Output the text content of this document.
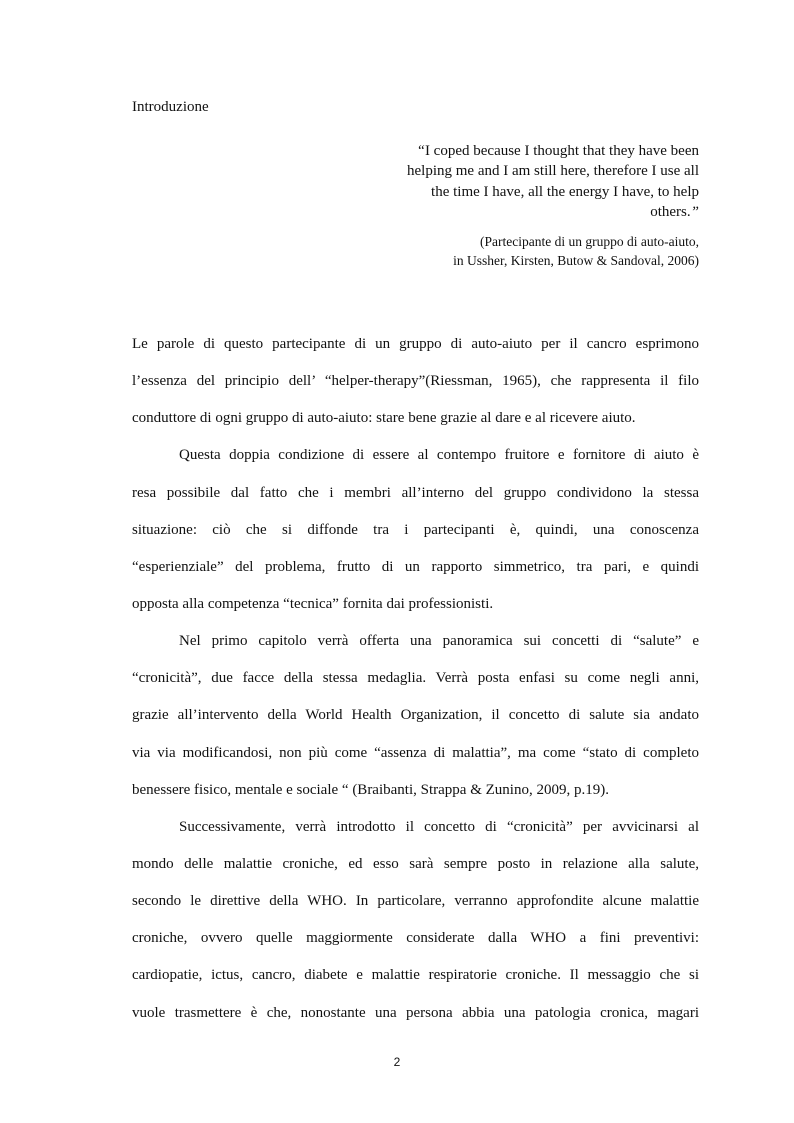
Introduzione
“I coped because I thought that they have been
helping me and I am still here, therefore I use all
the time I have, all the energy I have, to help
others.”
(Partecipante di un gruppo di auto-aiuto,
in Ussher, Kirsten, Butow & Sandoval, 2006)
Le parole di questo partecipante di un gruppo di auto-aiuto per il cancro esprimono
l’essenza del principio dell’ “helper-therapy”(Riessman, 1965), che rappresenta il filo
conduttore di ogni gruppo di auto-aiuto: stare bene grazie al dare e al ricevere aiuto.
Questa doppia condizione di essere al contempo fruitore e fornitore di aiuto è
resa possibile dal fatto che i membri all’interno del gruppo condividono la stessa
situazione: ciò che si diffonde tra i partecipanti è, quindi, una conoscenza
“esperienziale” del problema, frutto di un rapporto simmetrico, tra pari, e quindi
opposta alla competenza “tecnica” fornita dai professionisti.
Nel primo capitolo verrà offerta una panoramica sui concetti di “salute” e
“cronicità”, due facce della stessa medaglia. Verrà posta enfasi su come negli anni,
grazie all’intervento della World Health Organization, il concetto di salute sia andato
via via modificandosi, non più come “assenza di malattia”, ma come “stato di completo
benessere fisico, mentale e sociale “ (Braibanti, Strappa & Zunino, 2009, p.19).
Successivamente, verrà introdotto il concetto di “cronicità” per avvicinarsi al
mondo delle malattie croniche, ed esso sarà sempre posto in relazione alla salute,
secondo le direttive della WHO. In particolare, verranno approfondite alcune malattie
croniche, ovvero quelle maggiormente considerate dalla WHO a fini preventivi:
cardiopatie, ictus, cancro, diabete e malattie respiratorie croniche. Il messaggio che si
vuole trasmettere è che, nonostante una persona abbia una patologia cronica, magari
2
